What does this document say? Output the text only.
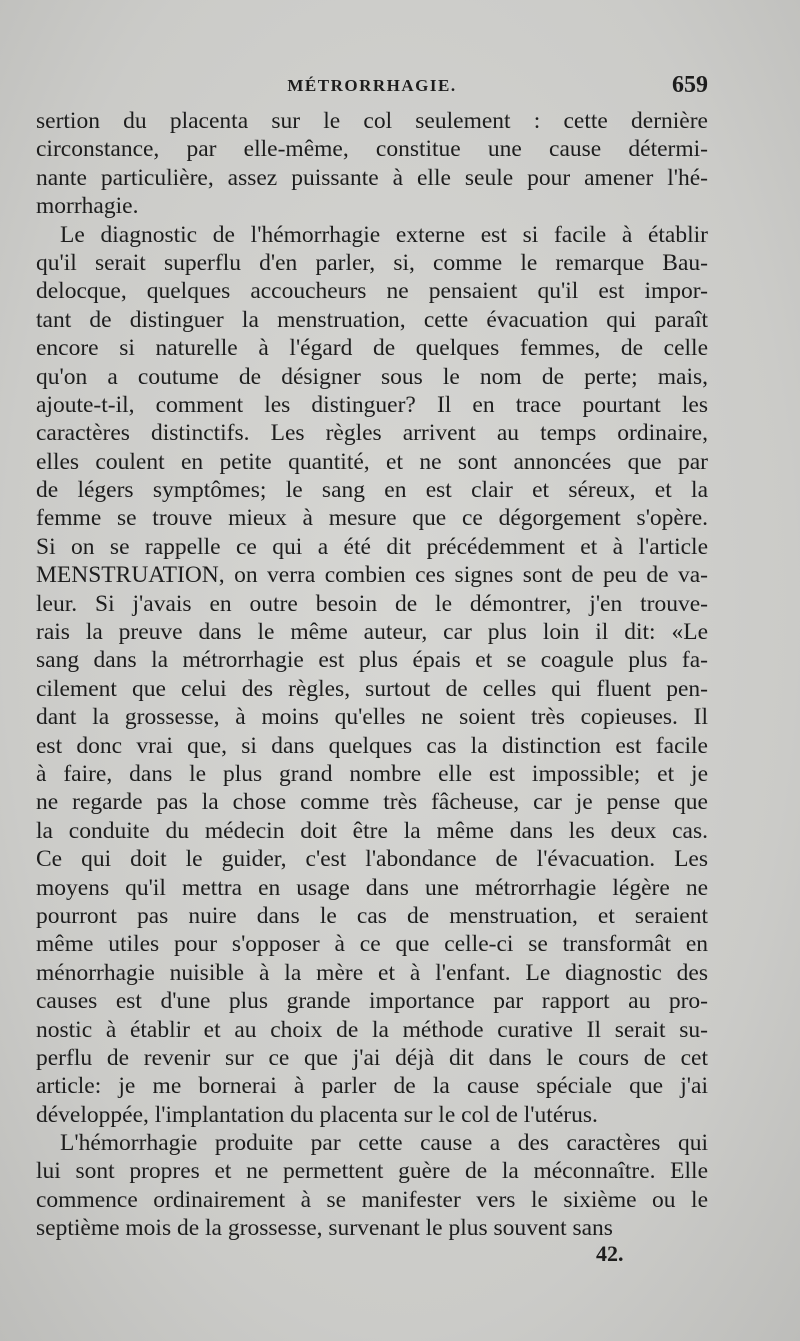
MÉTRORRHAGIE.	659
sertion du placenta sur le col seulement : cette dernière
circonstance, par elle-même, constitue une cause détermi-
nante particulière, assez puissante à elle seule pour amener l'hé-
morrhagie.
Le diagnostic de l'hémorrhagie externe est si facile à établir
qu'il serait superflu d'en parler, si, comme le remarque Bau-
delocque, quelques accoucheurs ne pensaient qu'il est impor-
tant de distinguer la menstruation, cette évacuation qui paraît
encore si naturelle à l'égard de quelques femmes, de celle
qu'on a coutume de désigner sous le nom de perte; mais,
ajoute-t-il, comment les distinguer? Il en trace pourtant les
caractères distinctifs. Les règles arrivent au temps ordinaire,
elles coulent en petite quantité, et ne sont annoncées que par
de légers symptômes; le sang en est clair et séreux, et la
femme se trouve mieux à mesure que ce dégorgement s'opère.
Si on se rappelle ce qui a été dit précédemment et à l'article
MENSTRUATION, on verra combien ces signes sont de peu de va-
leur. Si j'avais en outre besoin de le démontrer, j'en trouve-
rais la preuve dans le même auteur, car plus loin il dit: «Le
sang dans la métrorrhagie est plus épais et se coagule plus fa-
cilement que celui des règles, surtout de celles qui fluent pen-
dant la grossesse, à moins qu'elles ne soient très copieuses. Il
est donc vrai que, si dans quelques cas la distinction est facile
à faire, dans le plus grand nombre elle est impossible; et je
ne regarde pas la chose comme très fâcheuse, car je pense que
la conduite du médecin doit être la même dans les deux cas.
Ce qui doit le guider, c'est l'abondance de l'évacuation. Les
moyens qu'il mettra en usage dans une métrorrhagie légère ne
pourront pas nuire dans le cas de menstruation, et seraient
même utiles pour s'opposer à ce que celle-ci se transformât en
ménorrhagie nuisible à la mère et à l'enfant. Le diagnostic des
causes est d'une plus grande importance par rapport au pro-
nostic à établir et au choix de la méthode curative Il serait su-
perflu de revenir sur ce que j'ai déjà dit dans le cours de cet
article: je me bornerai à parler de la cause spéciale que j'ai
développée, l'implantation du placenta sur le col de l'utérus.
L'hémorrhagie produite par cette cause a des caractères qui
lui sont propres et ne permettent guère de la méconnaître. Elle
commence ordinairement à se manifester vers le sixième ou le
septième mois de la grossesse, survenant le plus souvent sans
42.
